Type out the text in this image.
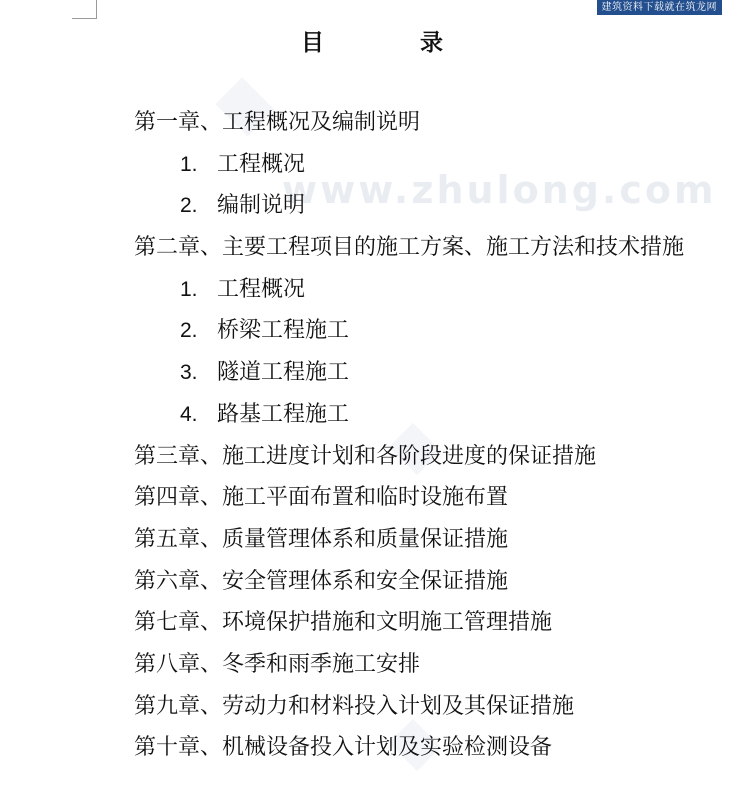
建筑资料下载就在筑龙网
www.zhulong.com
目 录
第一章、工程概况及编制说明
1. 工程概况
2. 编制说明
第二章、主要工程项目的施工方案、施工方法和技术措施
1. 工程概况
2. 桥梁工程施工
3. 隧道工程施工
4. 路基工程施工
第三章、施工进度计划和各阶段进度的保证措施
第四章、施工平面布置和临时设施布置
第五章、质量管理体系和质量保证措施
第六章、安全管理体系和安全保证措施
第七章、环境保护措施和文明施工管理措施
第八章、冬季和雨季施工安排
第九章、劳动力和材料投入计划及其保证措施
第十章、机械设备投入计划及实验检测设备
